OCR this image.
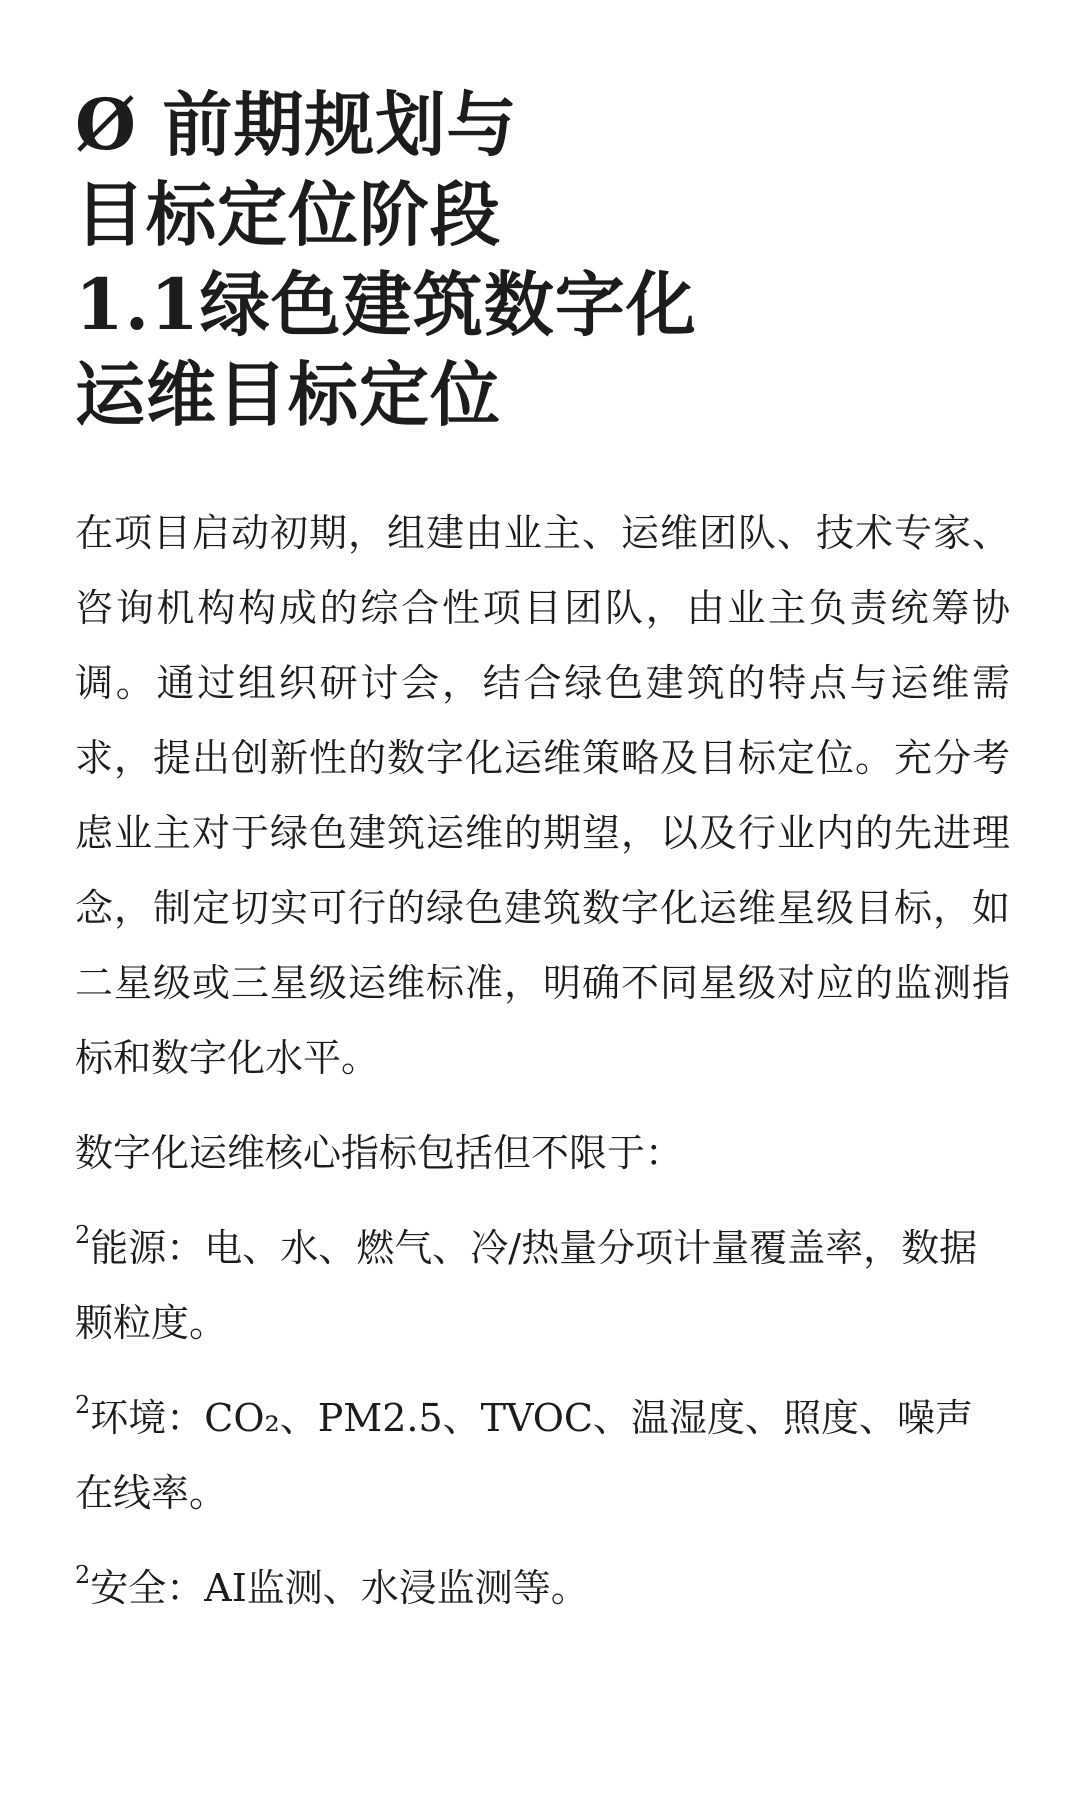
Ø 前期规划与
目标定位阶段
1.1绿色建筑数字化
运维目标定位

在项目启动初期，组建由业主、运维团队、技术专家、咨询机构构成的综合性项目团队，由业主负责统筹协调。通过组织研讨会，结合绿色建筑的特点与运维需求，提出创新性的数字化运维策略及目标定位。充分考虑业主对于绿色建筑运维的期望，以及行业内的先进理念，制定切实可行的绿色建筑数字化运维星级目标，如二星级或三星级运维标准，明确不同星级对应的监测指标和数字化水平。

数字化运维核心指标包括但不限于：

$^2$能源：电、水、燃气、冷/热量分项计量覆盖率，数据颗粒度。

$^2$环境：CO₂、PM2.5、TVOC、温湿度、照度、噪声在线率。

$^2$安全：AI监测、水浸监测等。
